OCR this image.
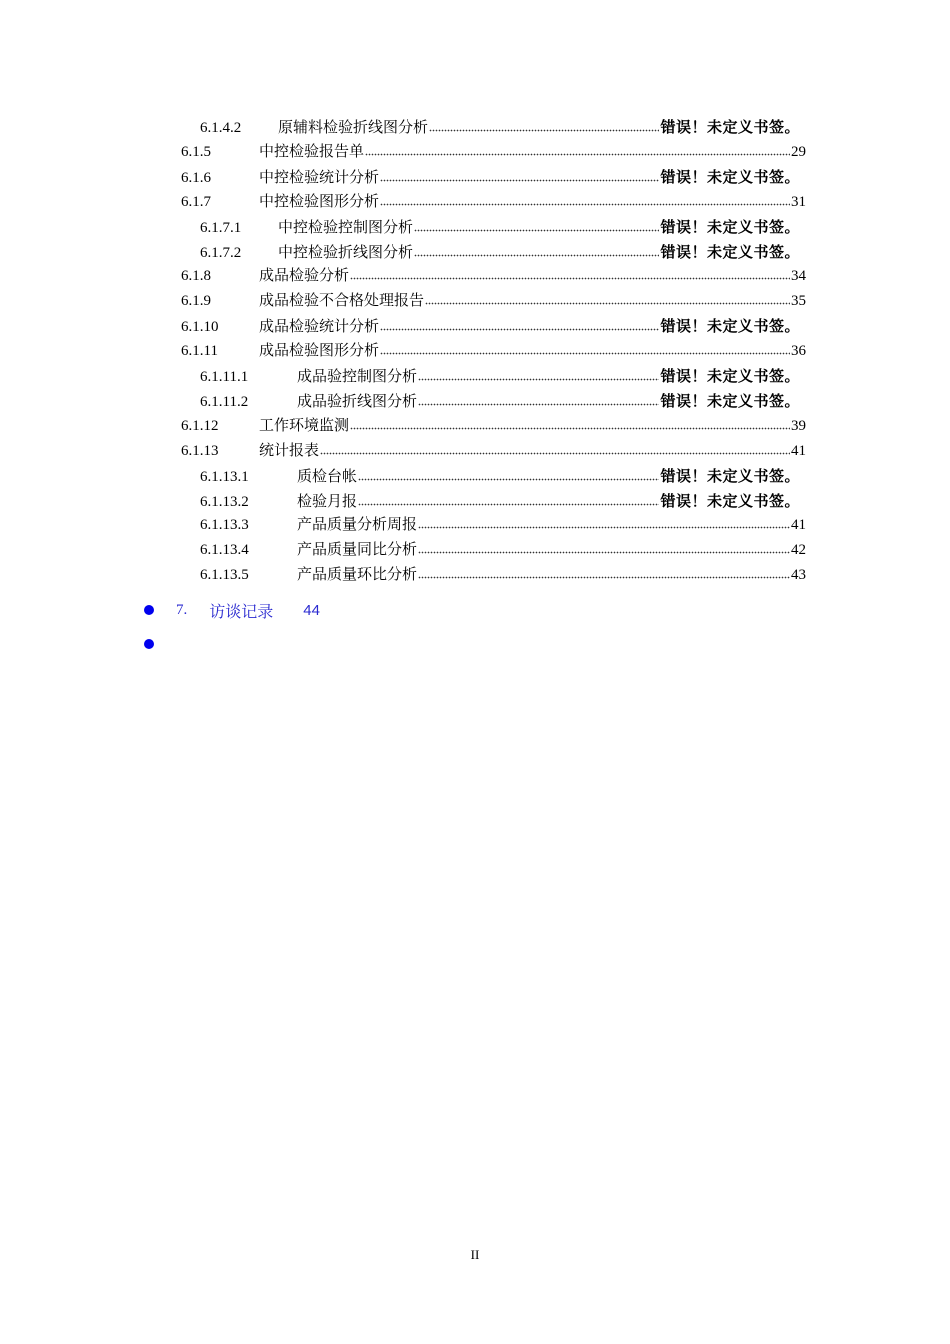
6.1.4.2	原辅料检验折线图分析	错误！未定义书签。
6.1.5	中控检验报告单	29
6.1.6	中控检验统计分析	错误！未定义书签。
6.1.7	中控检验图形分析	31
6.1.7.1	中控检验控制图分析	错误！未定义书签。
6.1.7.2	中控检验折线图分析	错误！未定义书签。
6.1.8	成品检验分析	34
6.1.9	成品检验不合格处理报告	35
6.1.10	成品检验统计分析	错误！未定义书签。
6.1.11	成品检验图形分析	36
6.1.11.1	成品验控制图分析	错误！未定义书签。
6.1.11.2	成品验折线图分析	错误！未定义书签。
6.1.12	工作环境监测	39
6.1.13	统计报表	41
6.1.13.1	质检台帐	错误！未定义书签。
6.1.13.2	检验月报	错误！未定义书签。
6.1.13.3	产品质量分析周报	41
6.1.13.4	产品质量同比分析	42
6.1.13.5	产品质量环比分析	43
7. 访谈记录 44
II
